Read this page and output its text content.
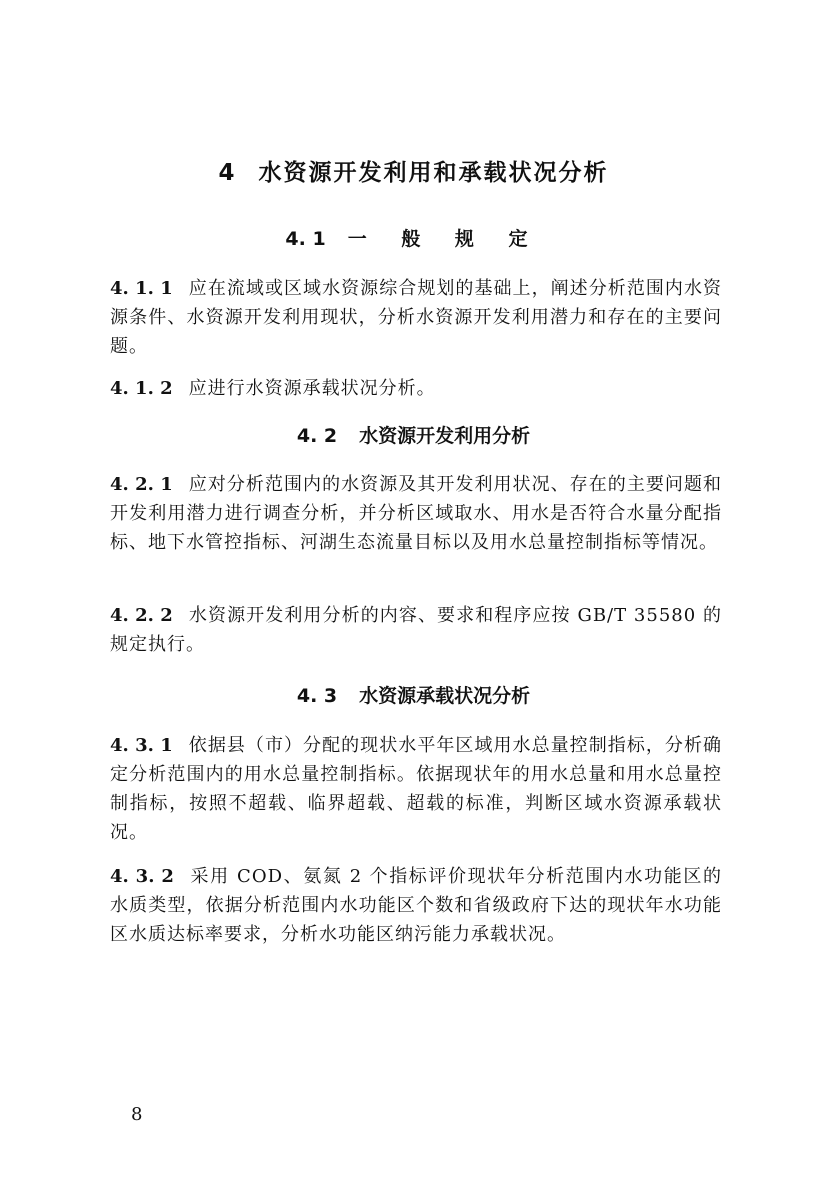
4 水资源开发利用和承载状况分析
4. 1 一 般 规 定

4. 1. 1 应在流域或区域水资源综合规划的基础上，阐述分析范围内水资源条件、水资源开发利用现状，分析水资源开发利用潜力和存在的主要问题。

4. 1. 2 应进行水资源承载状况分析。

4. 2 水资源开发利用分析

4. 2. 1 应对分析范围内的水资源及其开发利用状况、存在的主要问题和开发利用潜力进行调查分析，并分析区域取水、用水是否符合水量分配指标、地下水管控指标、河湖生态流量目标以及用水总量控制指标等情况。

4. 2. 2 水资源开发利用分析的内容、要求和程序应按 GB/T 35580 的规定执行。

4. 3 水资源承载状况分析

4. 3. 1 依据县（市）分配的现状水平年区域用水总量控制指标，分析确定分析范围内的用水总量控制指标。依据现状年的用水总量和用水总量控制指标，按照不超载、临界超载、超载的标准，判断区域水资源承载状况。

4. 3. 2 采用 COD、氨氮 2 个指标评价现状年分析范围内水功能区的水质类型，依据分析范围内水功能区个数和省级政府下达的现状年水功能区水质达标率要求，分析水功能区纳污能力承载状况。

8
